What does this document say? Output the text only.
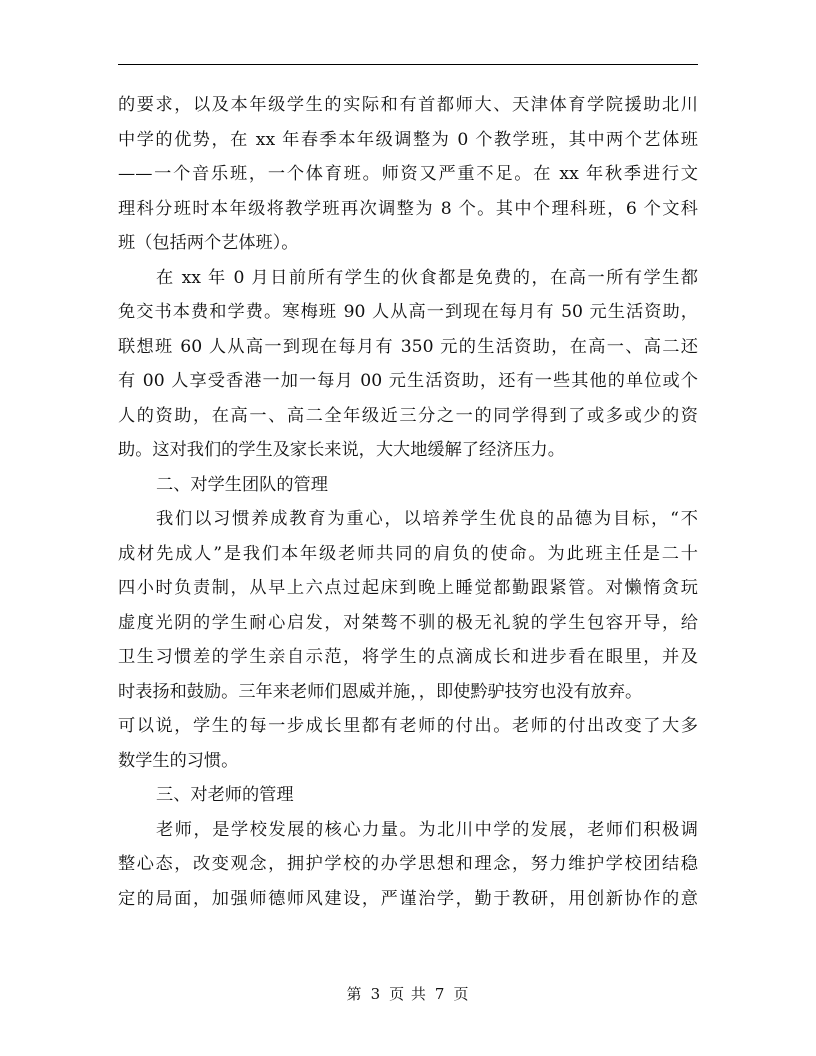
的要求，以及本年级学生的实际和有首都师大、天津体育学院援助北川
中学的优势，在 xx 年春季本年级调整为 0 个教学班，其中两个艺体班
——一个音乐班，一个体育班。师资又严重不足。在 xx 年秋季进行文
理科分班时本年级将教学班再次调整为 8 个。其中个理科班，6 个文科
班（包括两个艺体班）。
在 xx 年 0 月日前所有学生的伙食都是免费的，在高一所有学生都
免交书本费和学费。寒梅班 90 人从高一到现在每月有 50 元生活资助，
联想班 60 人从高一到现在每月有 350 元的生活资助，在高一、高二还
有 00 人享受香港一加一每月 00 元生活资助，还有一些其他的单位或个
人的资助，在高一、高二全年级近三分之一的同学得到了或多或少的资
助。这对我们的学生及家长来说，大大地缓解了经济压力。
二、对学生团队的管理
我们以习惯养成教育为重心，以培养学生优良的品德为目标，“不
成材先成人”是我们本年级老师共同的肩负的使命。为此班主任是二十
四小时负责制，从早上六点过起床到晚上睡觉都勤跟紧管。对懒惰贪玩
虚度光阴的学生耐心启发，对桀骜不驯的极无礼貌的学生包容开导，给
卫生习惯差的学生亲自示范，将学生的点滴成长和进步看在眼里，并及
时表扬和鼓励。三年来老师们恩威并施，，即使黔驴技穷也没有放弃。
可以说，学生的每一步成长里都有老师的付出。老师的付出改变了大多
数学生的习惯。
三、对老师的管理
老师，是学校发展的核心力量。为北川中学的发展，老师们积极调
整心态，改变观念，拥护学校的办学思想和理念，努力维护学校团结稳
定的局面，加强师德师风建设，严谨治学，勤于教研，用创新协作的意
第 3 页 共 7 页
